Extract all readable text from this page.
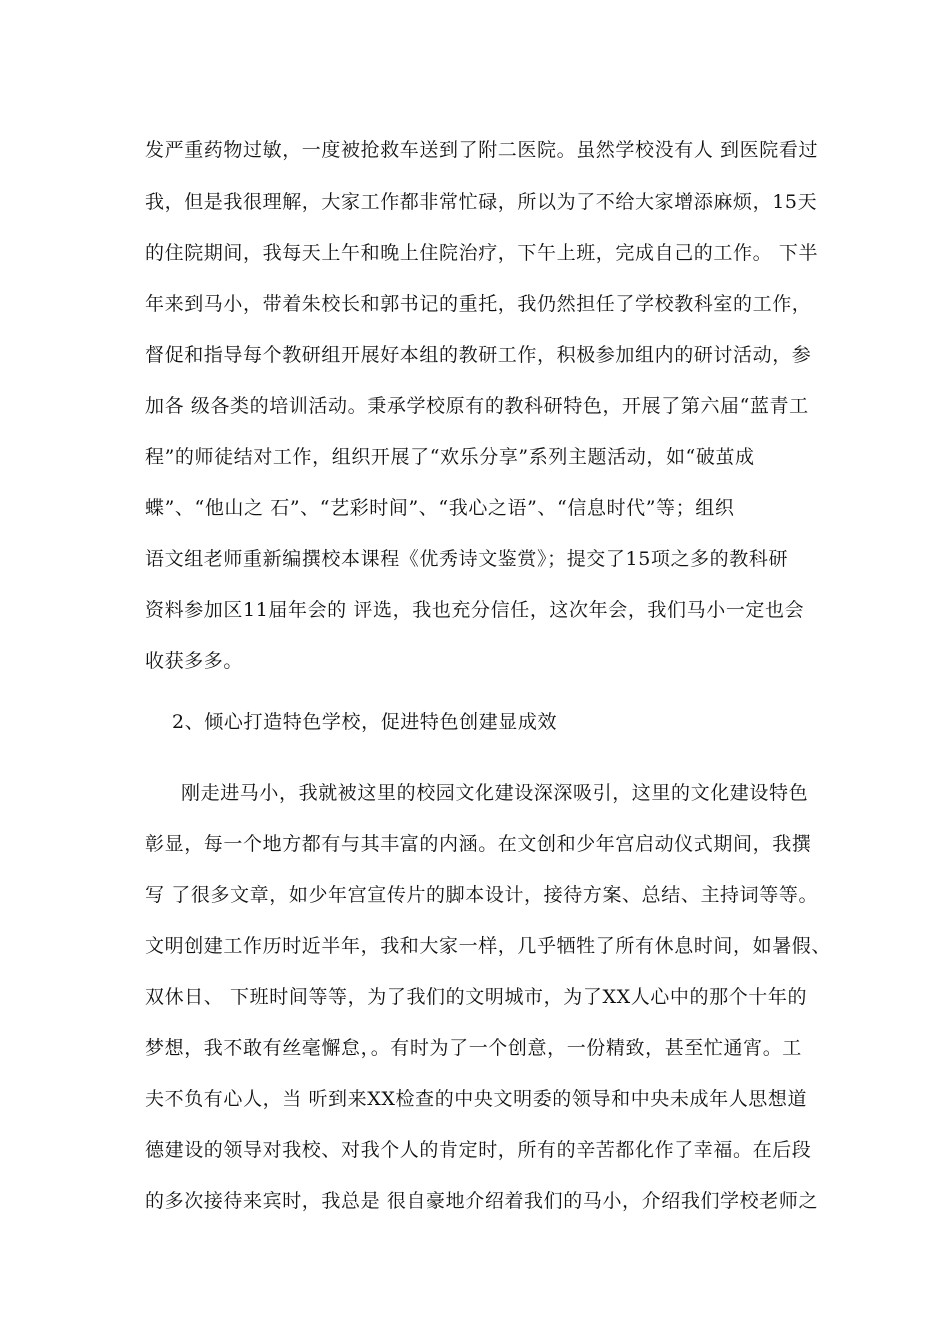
发严重药物过敏，一度被抢救车送到了附二医院。虽然学校没有人 到医院看过
我，但是我很理解，大家工作都非常忙碌，所以为了不给大家增添麻烦，15天
的住院期间，我每天上午和晚上住院治疗，下午上班，完成自己的工作。 下半
年来到马小，带着朱校长和郭书记的重托，我仍然担任了学校教科室的工作，
督促和指导每个教研组开展好本组的教研工作，积极参加组内的研讨活动，参
加各 级各类的培训活动。秉承学校原有的教科研特色，开展了第六届“蓝青工
程”的师徒结对工作，组织开展了“欢乐分享”系列主题活动，如“破茧成
蝶”、“他山之 石”、“艺彩时间”、“我心之语”、“信息时代”等；组织
语文组老师重新编撰校本课程《优秀诗文鉴赏》；提交了15项之多的教科研
资料参加区11届年会的 评选，我也充分信任，这次年会，我们马小一定也会
收获多多。
2、倾心打造特色学校，促进特色创建显成效
刚走进马小，我就被这里的校园文化建设深深吸引，这里的文化建设特色
彰显，每一个地方都有与其丰富的内涵。在文创和少年宫启动仪式期间，我撰
写 了很多文章，如少年宫宣传片的脚本设计，接待方案、总结、主持词等等。
文明创建工作历时近半年，我和大家一样，几乎牺牲了所有休息时间，如暑假、
双休日、 下班时间等等，为了我们的文明城市，为了XX人心中的那个十年的
梦想，我不敢有丝毫懈怠，。有时为了一个创意，一份精致，甚至忙通宵。工
夫不负有心人，当 听到来XX检查的中央文明委的领导和中央未成年人思想道
德建设的领导对我校、对我个人的肯定时，所有的辛苦都化作了幸福。在后段
的多次接待来宾时，我总是 很自豪地介绍着我们的马小，介绍我们学校老师之
